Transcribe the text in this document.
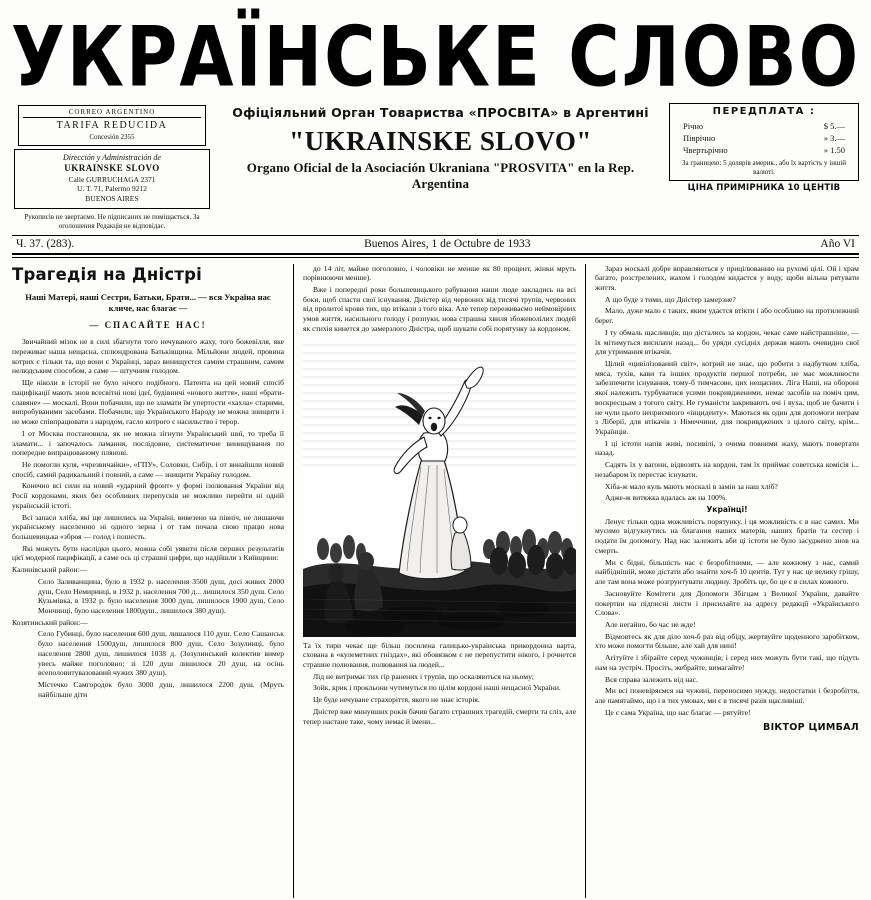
УКРАЇНСЬКЕ СЛОВО
CORREO ARGENTINO
TARIFA REDUCIDA
Concesión 2355
Dirección y Administración de
UKRAINSKE SLOVO
Calle GURRUCHAGA 2371
U. T. 71, Palermo 9212
BUENOS AIRES
Рукописів не звертаємо. Не підписаних не поміщається. За оголошення Редакція не відповідає.
Офіціяльний Орган Товариства «ПРОСВІТА» в Аргентині
"UKRAINSKE SLOVO"
Organo Oficial de la Asociación Ukraniana "PROSVITA" en la Rep. Argentina
ПЕРЕДПЛАТА :
Річно	$ 5.—
Піврічно	» 3.—
Чвертьрічно	» 1.50
За границею: 5 долярів америк., або їх вартість у іншій валюті.
ЦІНА ПРИМІРНИКА 10 ЦЕНТІВ
Ч. 37. (283).	Buenos Aires, 1 de Octubre de 1933	Año VI
Трагедія на Дністрі
Наші Матері, наші Сестри, Батьки, Брати... — вся Україна нас кличе, нас благає —
— СПАСАЙТЕ НАС!

Звичайний мізок не в силі збагнути того нечуваного жаху, того божевілля, яке переживає нашa нещасна, сплюндрована Батьківщина. Мільйони людей, провина котрих є тільки та, що вони є Українці, зараз винищуєтся самим страшним, самим нелюдським способом, а саме — штучним голодом.

Ще ніколи в історії не було нічого подібного. Патента на цей новий спосіб пацифікації мають знов всесвітні нові ідеї, будівничі «нового життя», наші «брати-славяне» — москалі. Вони побачили, що не зламати їм упертости «хахла» старими, випробуваними засобами. Побачили, що Українського Народу не можна знищити і не може співпрацювати з народом, гасло котрого є насильство і терор.

І от Москва постановила, як не можна зігнути Український шиї, то треба її зламати... і започалось ламання, послідовне, систематичне винищування по попередне випрацюваному плянові.

Не помогли куля, «чрезвичайки», «ГПУ», Соловки, Сибір, і от винайшли новий спосіб, самий радикальний і повний, а саме — знищити Україну голодом.

Конечно всі сили на новий «ударний фронт» у формі ізолювання України від Росії кордонами, яких без особливих перепусків не можливо перейти ні одній українській істоті.

Всі запаси хліба, які ще лишились на Україні, вивезено на північ, не лишаючи українському населенню ні одного зерна і от там почала свою працю нова большевицька «зброя — голод і пошесть.

Які можуть бути наслідки цього, можна собі уявити після перших результатів цієї модерної пацифікації, а саме ось ці страшні цифри, що надійшли з Київщини:

Калинівський район:—

Село Заливанщина, було в 1932 р. населення 3500 душ, досі живих 2000 душ, Село Немиринці, в 1932 р. населення 700 д... лишилося 350 душ. Село Кузьмівка, в 1932 р. було населення 3000 душ, лишилося 1900 душ, Село Мончинці, було населення 1800душ., лишилося 380 душ).

Козятинський район:—

Село Губинці, було населення 600 душ, лишалося 110 душ. Село Сашанськ було населення 1500душ, лишилося 800 душ, Село Зозулинці, було населення 2800 душ, лишилося 1038 д. (Зозулинський колектив вимер увесь майже поголовно; зі 120 душ лишилося 20 душ, на осінь всеполовитувазований чужих 380 душ).

Містечко Самгородок було 3000 душ, лишилося 2200 душ. (Мруть найбільше діти

до 14 літ, майже поголовно, і чоловіки не менше як 80 процент, жінки мруть порівнюючи менше).

Вже і попередні роки большевицького рабування наши люде закладись на всі боки, щоб спасти свої існування. Дністер від червоних від тисячі трупів, червоних від пролитої крови тих, що втікали з того віка. Але тепер переживаємо неймовірних умов життя, насильного голоду і розпуки, нова страшна хвиля збожеволілих людей як стихія кинется до замерзлого Дністра, щоб шукати собі порятунку за кордоном.

Та їх тири чекає ще більш посилена галицько-украінська прикордонна варта, схована в «кулеметних гніздах», які обовязком є не перепустити нікого, і рочнется страшне полювання, полювання на людей...

Лід не витримає тих гір ранених і трупів, що оскаляються на ньому;

Зойк, крик і прокльони чутимуться по цілім кордоні наші нещасної України.

Це буде нечуване страхоріття, якого не знає історія.

Дністер вже минувших років бачив багато страшних трагедій, смерти та сліз, але тепер настане таке, чому немає й імени...

Зараз москалі добре вправляються у прицілюванню на рухомі цілі. Ой і храм багато, розстрелених, жахом і голодом кидаєтся у воду, щоби вільна рятувати життя.

А що буде з тими, що Дністер замерзне?

Мало, дуже мало є таких, яким удаєтся втікти і або особливо на протилежний берег.

І ту обмаль щасливців, що дістались за кордон, чекає саме найстрашніше, — їх мітимуться висилати назад... бо уряди сусідніх держав мають очевидно свої для утримання втікачів.

Цілий «цивілізований світ», котрий не знає, що робити з надбутком хліба, мяса, тухів, кави та інших продуктів першої потреби, не має можливости забезпечити існування, тому-б тимчасове, цих нещасних. Ліга Наші, на обороні якої належить турбуватися усими покривдженими, немає засобів на поміч цим, воскресцьам з тогого світу. Не гуманісти закривають очі і вуха, щоб не бачити і не чули цього неприємного «інциденту». Маються як один для допомоги неграм з Ліберії, для втікачів з Німеччини, для покривджених з цілого світу, крім... Українців.

І ці істоти напів живі, посивілі, з очима повними жаху, мають повертати назад.

Садять їх у вагони, відвозять на кордон, там їх приймає советська комісія і... незабаром їх перестає існувати.

Хіба-ж мало куль мають москалі в замін за наш хліб?

Адже-ж витяжка вдалась аж на 100%.

Українці!

Ленує тільки одна можливість порятунку, і ця можливість є в нас самих. Ми мусимо відгукнутись на благання наших матерів, наших братів та сестер і подати їм допомогу. Над нас залежить аби ці істоти не було засуджено знов на смерть.

Ми є бідні, більшість нас є безробітними, — але кожному з нас, самий найбіднішій, може дістати або знайти хоч-б 10 центів. Тут у нас це велику грішу, але там вона може розгрунтувати людину. Зробіть це, бо це є в силах кожного.

Засновуйте Комітети для Допомоги Збігцам з Великої України, давайте покертви на підписні листи і присилайте на адресу редакції «Українського Слова».

Але негайно, бо час не жде!

Відмовтесь як для діло хоч-б раз від обіду, жертвуйте щоденного заробітком, хто може помогти більше, але хай для нині!

Агітуйте і збірайте серед чужинців; і серед них можуть бути такі, що підуть нам на зустріч. Просіть, жебрайте, вимагайте!

Вся справа залежить від нас.

Ми всі поневіряємся на чужині, переносимо нужду, недостатки і безробіття, але памятаймо, що і в тих умовах, ми є в тисячі разів щасливіші.

Це є сама Україна, що нас благає — рятуйте!

ВІКТОР ЦИМБАЛ
